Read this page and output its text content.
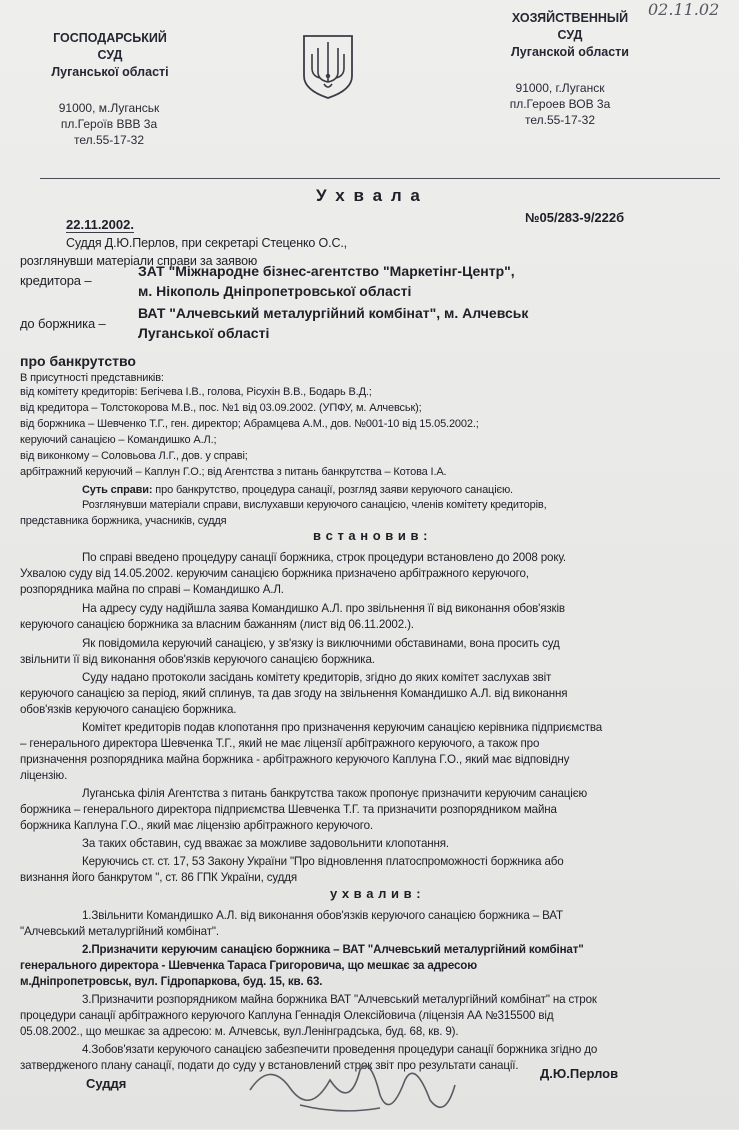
ГОСПОДАРСЬКИЙ
СУД
Луганської області
91000, м.Луганськ
пл.Героїв ВВВ 3а
тел.55-17-32
ХОЗЯЙСТВЕННЫЙ
СУД
Луганской области
91000, г.Луганск
пл.Героев ВОВ 3а
тел.55-17-32
02.11.02
У х в а л а
22.11.2002.	№05/283-9/222б
Суддя Д.Ю.Перлов, при секретарі Стеценко О.С.,
розглянувши матеріали справи за заявою
кредитора –
ЗАТ "Міжнародне бізнес-агентство "Маркетінг-Центр",
м. Нікополь Дніпропетровської області
до боржника –
ВАТ "Алчевський металургійний комбінат", м. Алчевськ
Луганської області
про банкрутство
В присутності представників:
від комітету кредиторів: Бегічева І.В., голова, Рісухін В.В., Бодарь В.Д.;
від кредитора – Толстокорова М.В., пос. №1 від 03.09.2002. (УПФУ, м. Алчевськ);
від боржника – Шевченко Т.Г., ген. директор; Абрамцева А.М., дов. №001-10 від 15.05.2002.;
керуючий санацією – Командишко А.Л.;
від виконкому – Соловьова Л.Г., дов. у справі;
арбітражний керуючий – Каплун Г.О.; від Агентства з питань банкрутства – Котова І.А.
Суть справи: про банкрутство, процедура санації, розгляд заяви керуючого санацією.
Розглянувши матеріали справи, вислухавши керуючого санацією, членів комітету кредиторів,
представника боржника, учасників, суддя
в с т а н о в и в :
По справі введено процедуру санації боржника, строк процедури встановлено до 2008 року.
Ухвалою суду від 14.05.2002. керуючим санацією боржника призначено арбітражного керуючого,
розпорядника майна по справі – Командишко А.Л.
На адресу суду надійшла заява Командишко А.Л. про звільнення її від виконання обов'язків
керуючого санацією боржника за власним бажанням (лист від 06.11.2002.).
Як повідомила керуючий санацією, у зв'язку із виключними обставинами, вона просить суд
звільнити її від виконання обов'язків керуючого санацією боржника.
Суду надано протоколи засідань комітету кредиторів, згідно до яких комітет заслухав звіт
керуючого санацією за період, який сплинув, та дав згоду на звільнення Командишко А.Л. від виконання
обов'язків керуючого санацією боржника.
Комітет кредиторів подав клопотання про призначення керуючим санацією керівника підприємства
– генерального директора Шевченка Т.Г., який не має ліцензії арбітражного керуючого, а також про
призначення розпорядника майна боржника - арбітражного керуючого Каплуна Г.О., який має відповідну
ліцензію.
Луганська філія Агентства з питань банкрутства також пропонує призначити керуючим санацією
боржника – генерального директора підприємства Шевченка Т.Г. та призначити розпорядником майна
боржника Каплуна Г.О., який має ліцензію арбітражного керуючого.
За таких обставин, суд вважає за можливе задовольнити клопотання.
Керуючись ст. ст. 17, 53 Закону України "Про відновлення платоспроможності боржника або
визнання його банкрутом ", ст. 86 ГПК України, суддя
у х в а л и в :
1.Звільнити Командишко А.Л. від виконання обов'язків керуючого санацією боржника – ВАТ
"Алчевський металургійний комбінат".
2.Призначити керуючим санацією боржника – ВАТ "Алчевський металургійний комбінат"
генерального директора - Шевченка Тараса Григоровича, що мешкає за адресою
м.Дніпропетровськ, вул. Гідропаркова, буд. 15, кв. 63.
3.Призначити розпорядником майна боржника ВАТ "Алчевський металургійний комбінат" на строк
процедури санації арбітражного керуючого Каплуна Геннадія Олексійовича (ліцензія АА №315500 від
05.08.2002., що мешкає за адресою: м. Алчевськ, вул.Ленінградська, буд. 68, кв. 9).
4.Зобов'язати керуючого санацією забезпечити проведення процедури санації боржника згідно до
затвердженого плану санації, подати до суду у встановлений строк звіт про результати санації.
Суддя
Д.Ю.Перлов
